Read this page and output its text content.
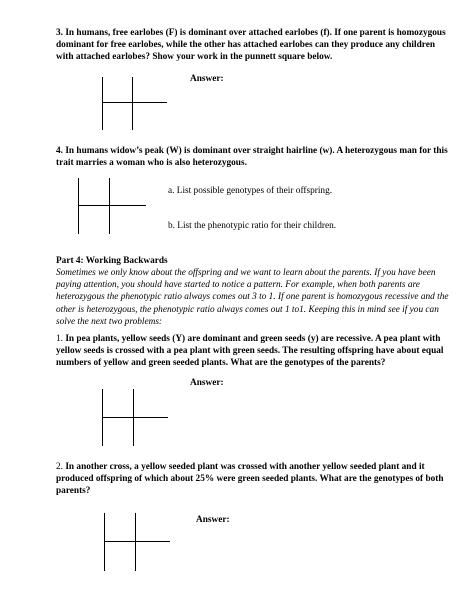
3. In humans, free earlobes (F) is dominant over attached earlobes (f). If one parent is homozygous dominant for free earlobes, while the other has attached earlobes can they produce any children with attached earlobes? Show your work in the punnett square below.

Answer:

4. In humans widow’s peak (W) is dominant over straight hairline (w). A heterozygous man for this trait marries a woman who is also heterozygous.

a. List possible genotypes of their offspring.
b. List the phenotypic ratio for their children.

Part 4: Working Backwards

Sometimes we only know about the offspring and we want to learn about the parents. If you have been paying attention, you should have started to notice a pattern. For example, when both parents are heterozygous the phenotypic ratio always comes out 3 to 1. If one parent is homozygous recessive and the other is heterozygous, the phenotypic ratio always comes out 1 to1. Keeping this in mind see if you can solve the next two problems:

1. In pea plants, yellow seeds (Y) are dominant and green seeds (y) are recessive. A pea plant with yellow seeds is crossed with a pea plant with green seeds. The resulting offspring have about equal numbers of yellow and green seeded plants. What are the genotypes of the parents?

Answer:

2. In another cross, a yellow seeded plant was crossed with another yellow seeded plant and it produced offspring of which about 25% were green seeded plants. What are the genotypes of both parents?

Answer:
